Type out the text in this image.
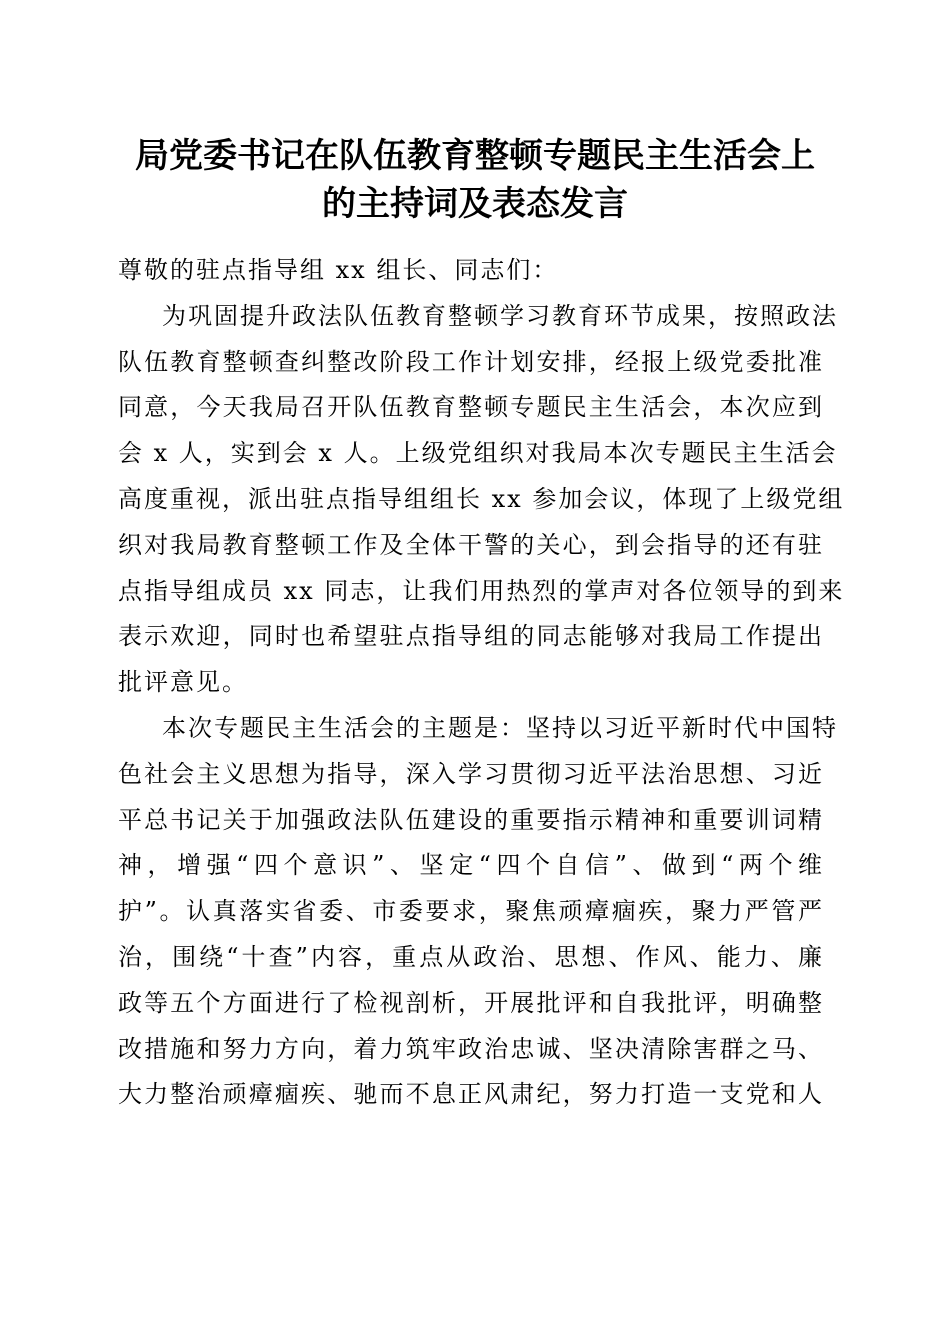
局党委书记在队伍教育整顿专题民主生活会上
的主持词及表态发言
尊敬的驻点指导组 xx 组长、同志们：
为巩固提升政法队伍教育整顿学习教育环节成果，按照政法
队伍教育整顿查纠整改阶段工作计划安排，经报上级党委批准
同意，今天我局召开队伍教育整顿专题民主生活会，本次应到
会 x 人，实到会 x 人。上级党组织对我局本次专题民主生活会
高度重视，派出驻点指导组组长 xx 参加会议，体现了上级党组
织对我局教育整顿工作及全体干警的关心，到会指导的还有驻
点指导组成员 xx 同志，让我们用热烈的掌声对各位领导的到来
表示欢迎，同时也希望驻点指导组的同志能够对我局工作提出
批评意见。
本次专题民主生活会的主题是：坚持以习近平新时代中国特
色社会主义思想为指导，深入学习贯彻习近平法治思想、习近
平总书记关于加强政法队伍建设的重要指示精神和重要训词精
神，增强“四个意识”、坚定“四个自信”、做到“两个维
护”。认真落实省委、市委要求，聚焦顽瘴痼疾，聚力严管严
治，围绕“十查”内容，重点从政治、思想、作风、能力、廉
政等五个方面进行了检视剖析，开展批评和自我批评，明确整
改措施和努力方向，着力筑牢政治忠诚、坚决清除害群之马、
大力整治顽瘴痼疾、驰而不息正风肃纪，努力打造一支党和人
